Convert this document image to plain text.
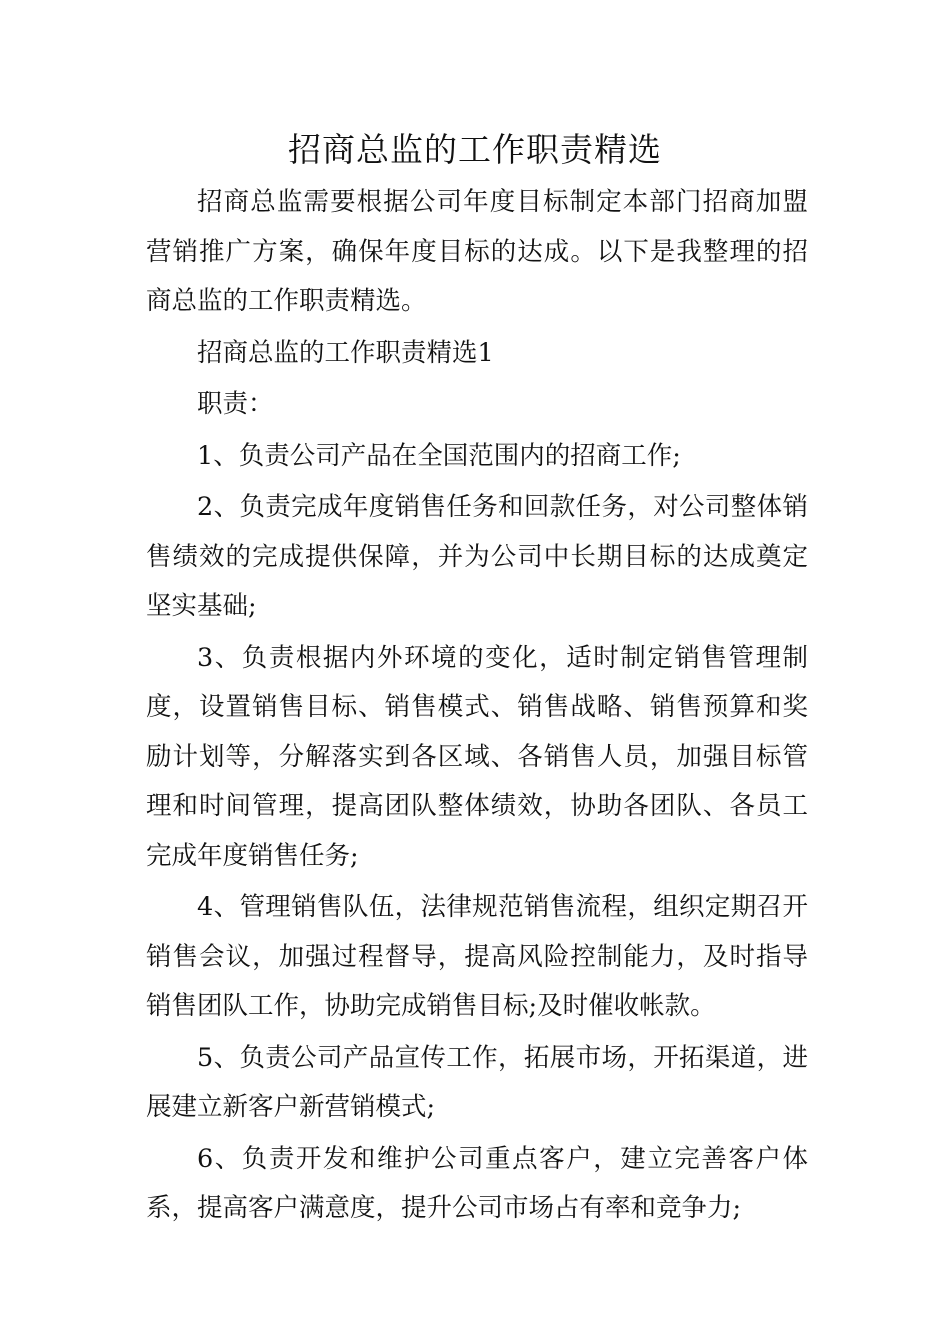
招商总监的工作职责精选

招商总监需要根据公司年度目标制定本部门招商加盟营销推广方案，确保年度目标的达成。以下是我整理的招商总监的工作职责精选。

招商总监的工作职责精选1

职责：

1、负责公司产品在全国范围内的招商工作;

2、负责完成年度销售任务和回款任务，对公司整体销售绩效的完成提供保障，并为公司中长期目标的达成奠定坚实基础;

3、负责根据内外环境的变化，适时制定销售管理制度，设置销售目标、销售模式、销售战略、销售预算和奖励计划等，分解落实到各区域、各销售人员，加强目标管理和时间管理，提高团队整体绩效，协助各团队、各员工完成年度销售任务;

4、管理销售队伍，法律规范销售流程，组织定期召开销售会议，加强过程督导，提高风险控制能力，及时指导销售团队工作，协助完成销售目标;及时催收帐款。

5、负责公司产品宣传工作，拓展市场，开拓渠道，进展建立新客户新营销模式;

6、负责开发和维护公司重点客户，建立完善客户体系，提高客户满意度，提升公司市场占有率和竞争力;
